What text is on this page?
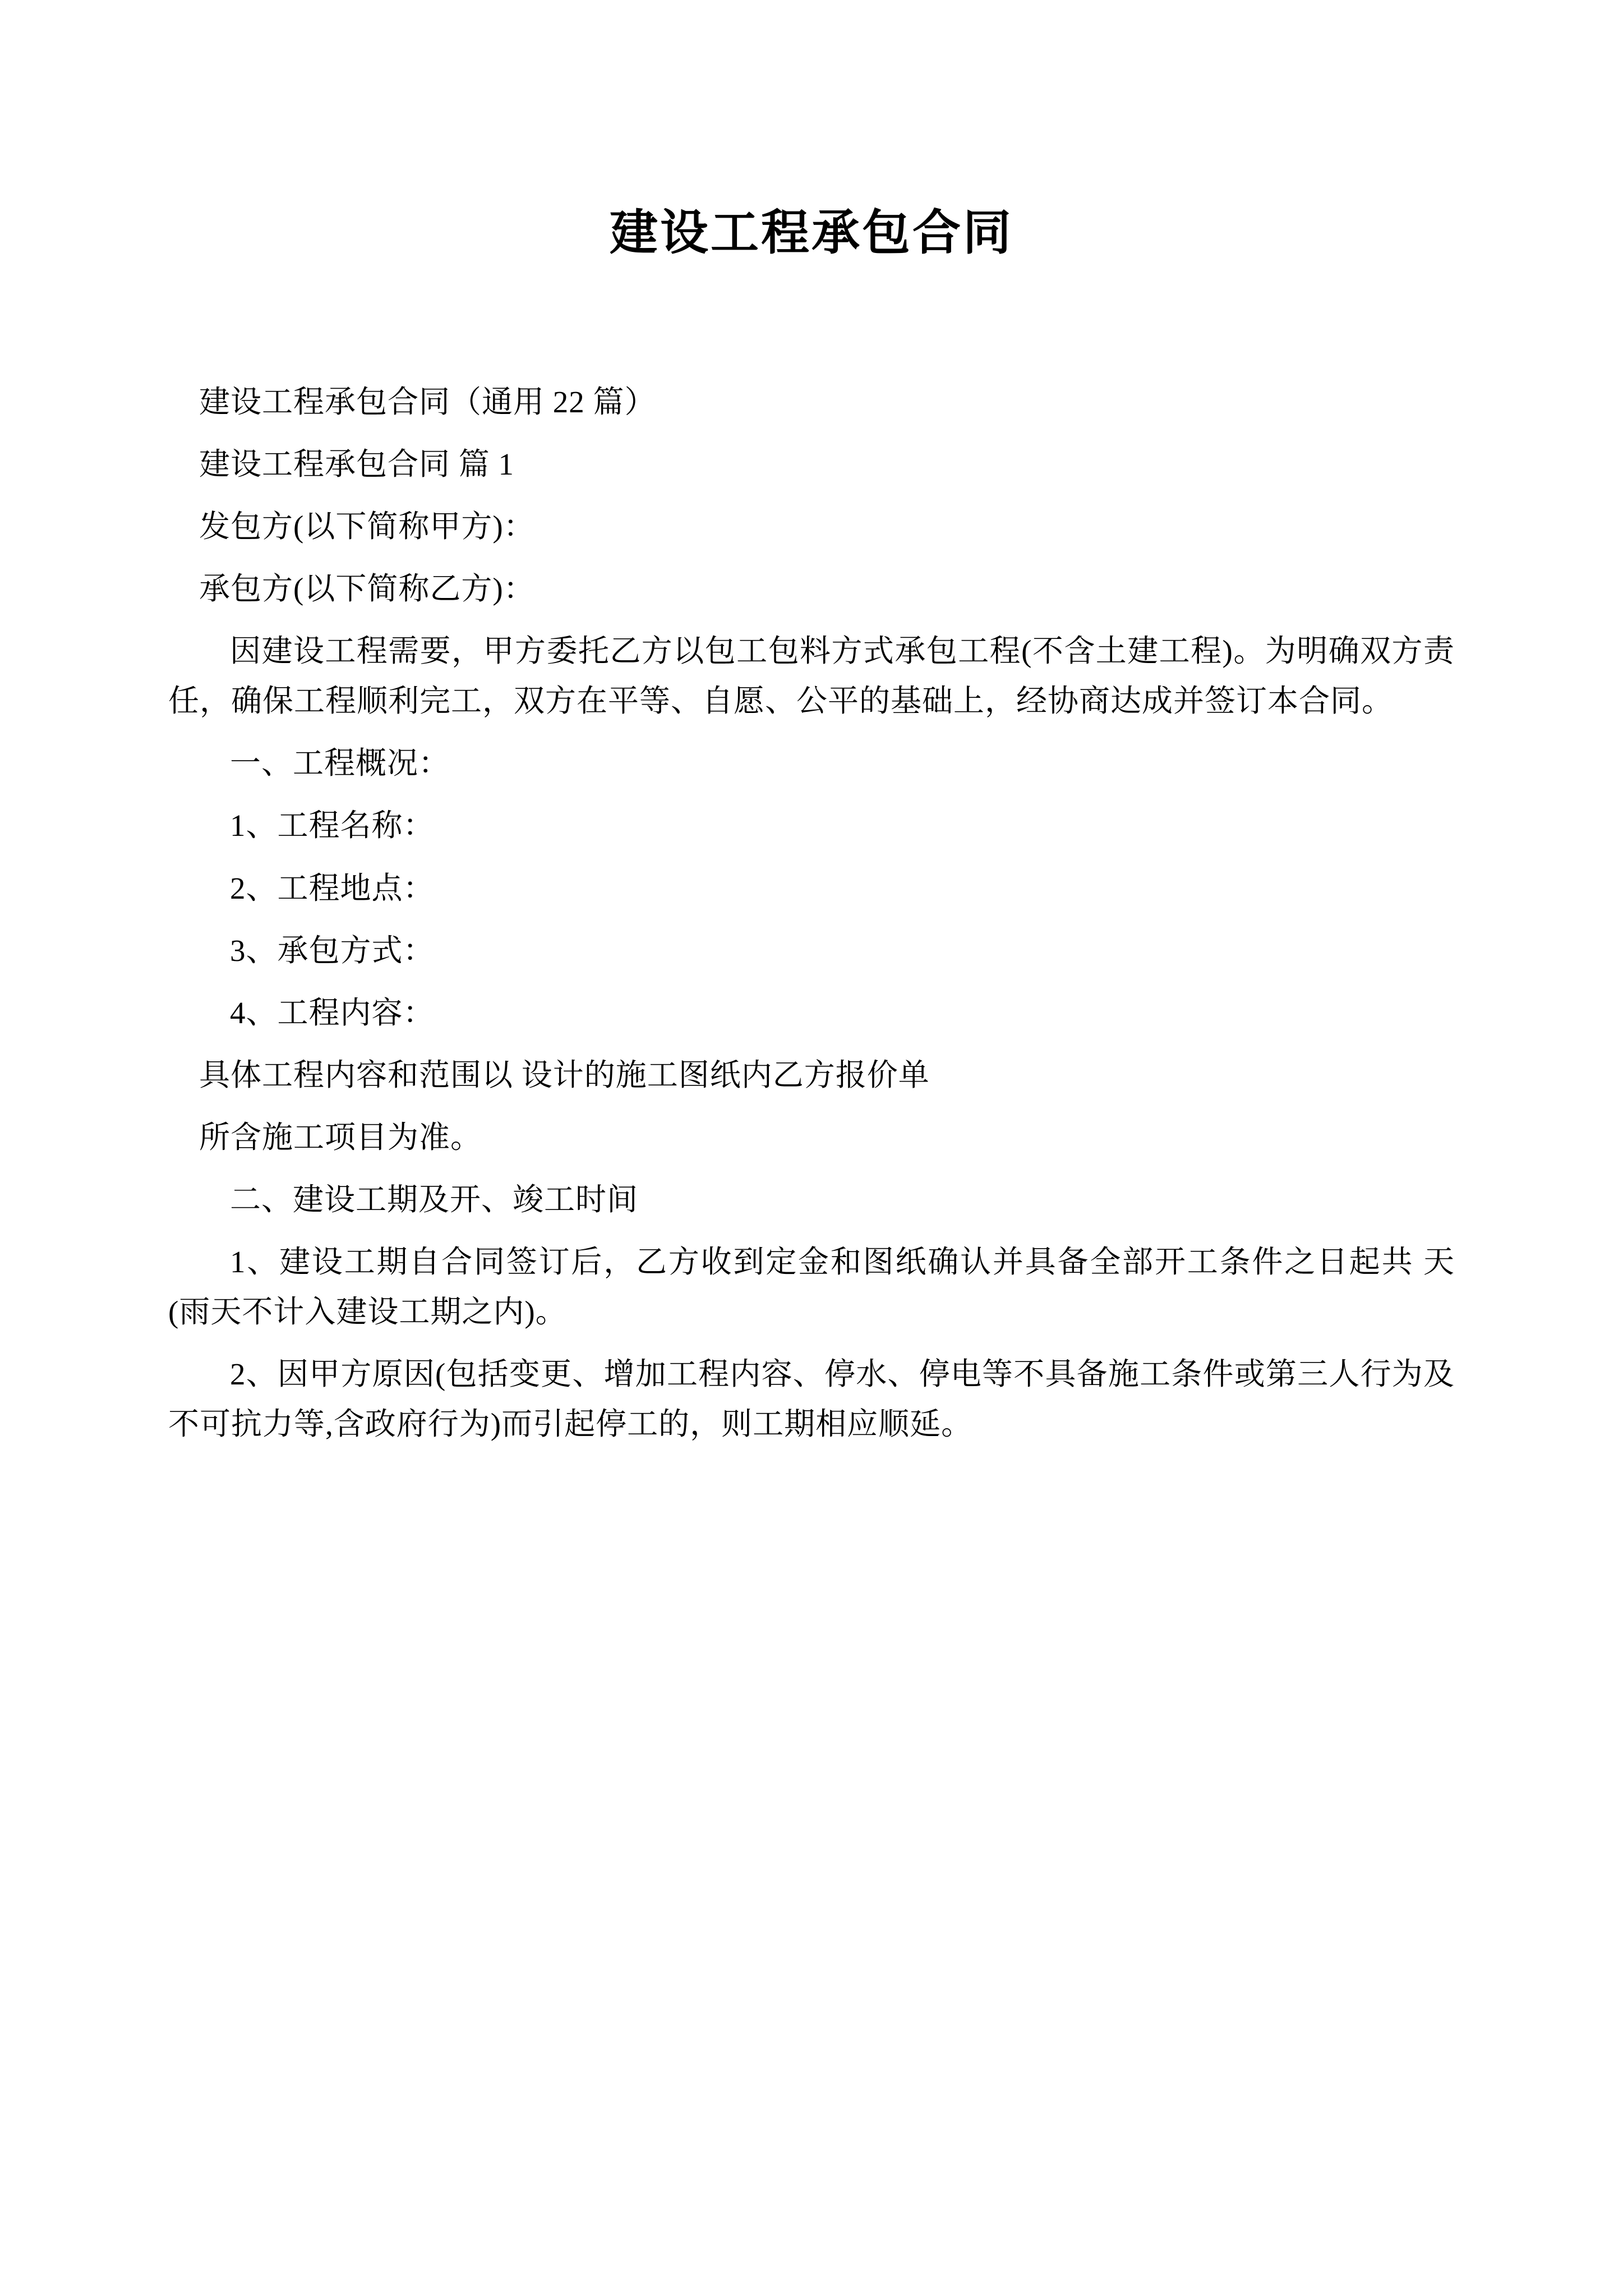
建设工程承包合同

建设工程承包合同（通用 22 篇）

建设工程承包合同 篇 1

发包方(以下简称甲方)：

承包方(以下简称乙方)：

因建设工程需要，甲方委托乙方以包工包料方式承包工程(不含土建工程)。为明确双方责任，确保工程顺利完工，双方在平等、自愿、公平的基础上，经协商达成并签订本合同。

一、工程概况：

1、工程名称：

2、工程地点：

3、承包方式：

4、工程内容：

具体工程内容和范围以 设计的施工图纸内乙方报价单

所含施工项目为准。

二、建设工期及开、竣工时间

1、建设工期自合同签订后，乙方收到定金和图纸确认并具备全部开工条件之日起共 天(雨天不计入建设工期之内)。

2、因甲方原因(包括变更、增加工程内容、停水、停电等不具备施工条件或第三人行为及不可抗力等,含政府行为)而引起停工的，则工期相应顺延。
